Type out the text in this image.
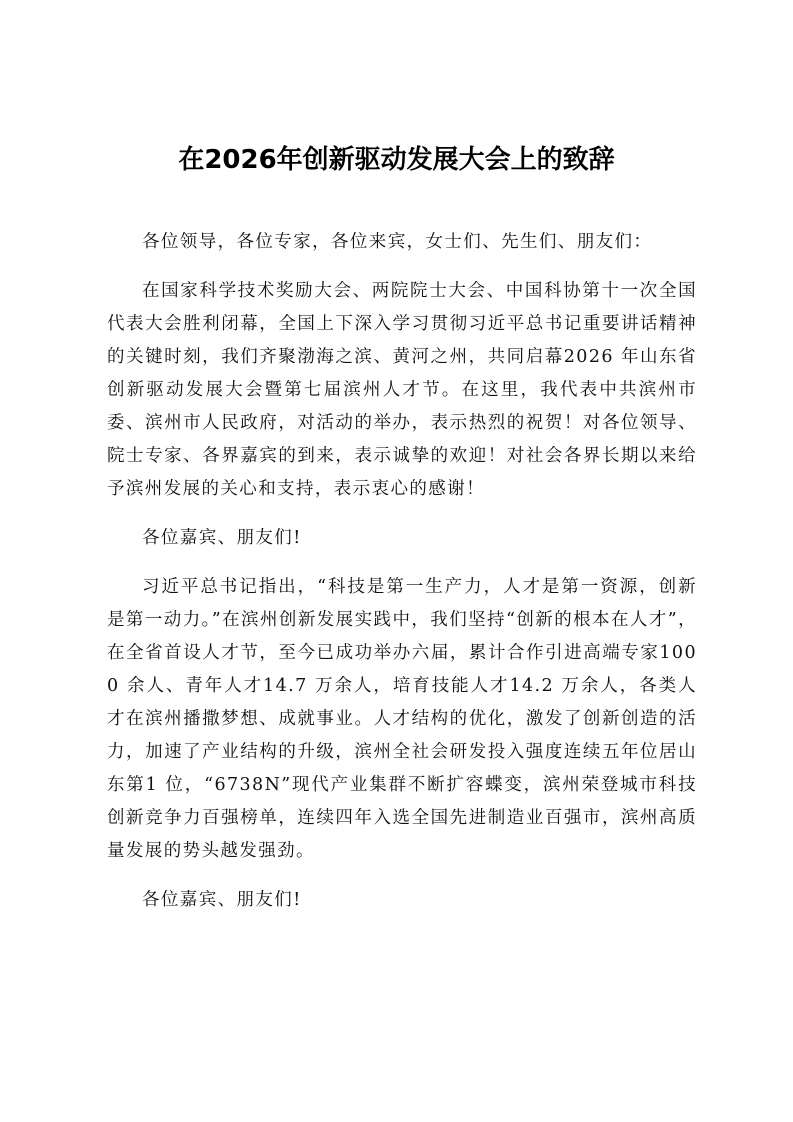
在2026年创新驱动发展大会上的致辞

各位领导，各位专家，各位来宾，女士们、先生们、朋友们：

在国家科学技术奖励大会、两院院士大会、中国科协第十一次全国代表大会胜利闭幕，全国上下深入学习贯彻习近平总书记重要讲话精神的关键时刻，我们齐聚渤海之滨、黄河之州，共同启幕2026 年山东省创新驱动发展大会暨第七届滨州人才节。在这里，我代表中共滨州市委、滨州市人民政府，对活动的举办，表示热烈的祝贺！对各位领导、院士专家、各界嘉宾的到来，表示诚挚的欢迎！对社会各界长期以来给予滨州发展的关心和支持，表示衷心的感谢！

各位嘉宾、朋友们!

习近平总书记指出，“科技是第一生产力，人才是第一资源，创新是第一动力。”在滨州创新发展实践中，我们坚持“创新的根本在人才”，在全省首设人才节，至今已成功举办六届，累计合作引进高端专家1000 余人、青年人才14.7 万余人，培育技能人才14.2 万余人，各类人才在滨州播撒梦想、成就事业。人才结构的优化，激发了创新创造的活力，加速了产业结构的升级，滨州全社会研发投入强度连续五年位居山东第1 位，“6738N”现代产业集群不断扩容蝶变，滨州荣登城市科技创新竞争力百强榜单，连续四年入选全国先进制造业百强市，滨州高质量发展的势头越发强劲。

各位嘉宾、朋友们!
